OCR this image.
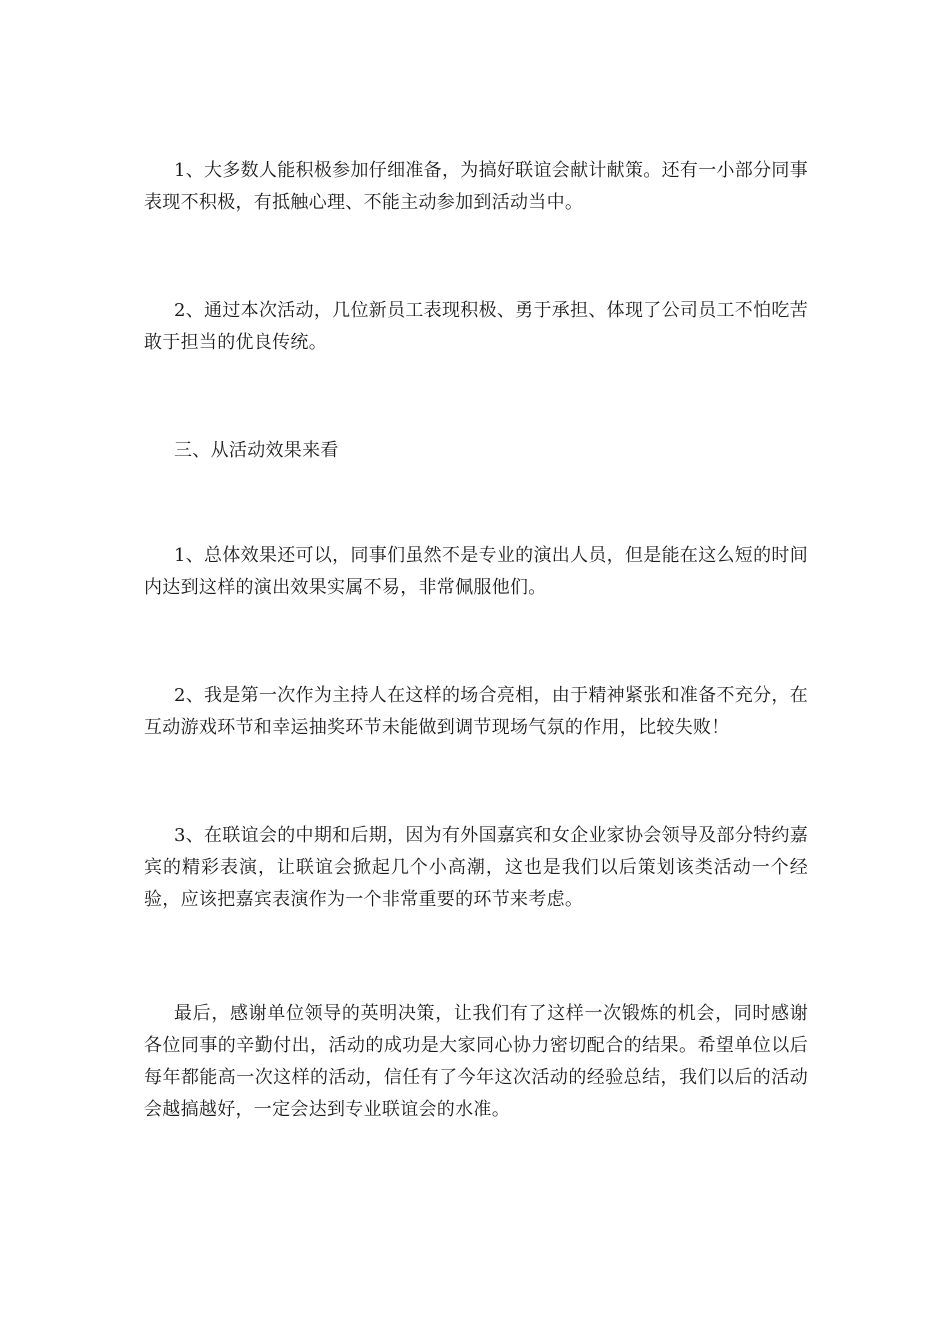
1、大多数人能积极参加仔细准备，为搞好联谊会献计献策。还有一小部分同事表现不积极，有抵触心理、不能主动参加到活动当中。

2、通过本次活动，几位新员工表现积极、勇于承担、体现了公司员工不怕吃苦敢于担当的优良传统。

三、从活动效果来看

1、总体效果还可以，同事们虽然不是专业的演出人员，但是能在这么短的时间内达到这样的演出效果实属不易，非常佩服他们。

2、我是第一次作为主持人在这样的场合亮相，由于精神紧张和准备不充分，在互动游戏环节和幸运抽奖环节未能做到调节现场气氛的作用，比较失败！

3、在联谊会的中期和后期，因为有外国嘉宾和女企业家协会领导及部分特约嘉宾的精彩表演，让联谊会掀起几个小高潮，这也是我们以后策划该类活动一个经验，应该把嘉宾表演作为一个非常重要的环节来考虑。

最后，感谢单位领导的英明决策，让我们有了这样一次锻炼的机会，同时感谢各位同事的辛勤付出，活动的成功是大家同心协力密切配合的结果。希望单位以后每年都能高一次这样的活动，信任有了今年这次活动的经验总结，我们以后的活动会越搞越好，一定会达到专业联谊会的水准。
